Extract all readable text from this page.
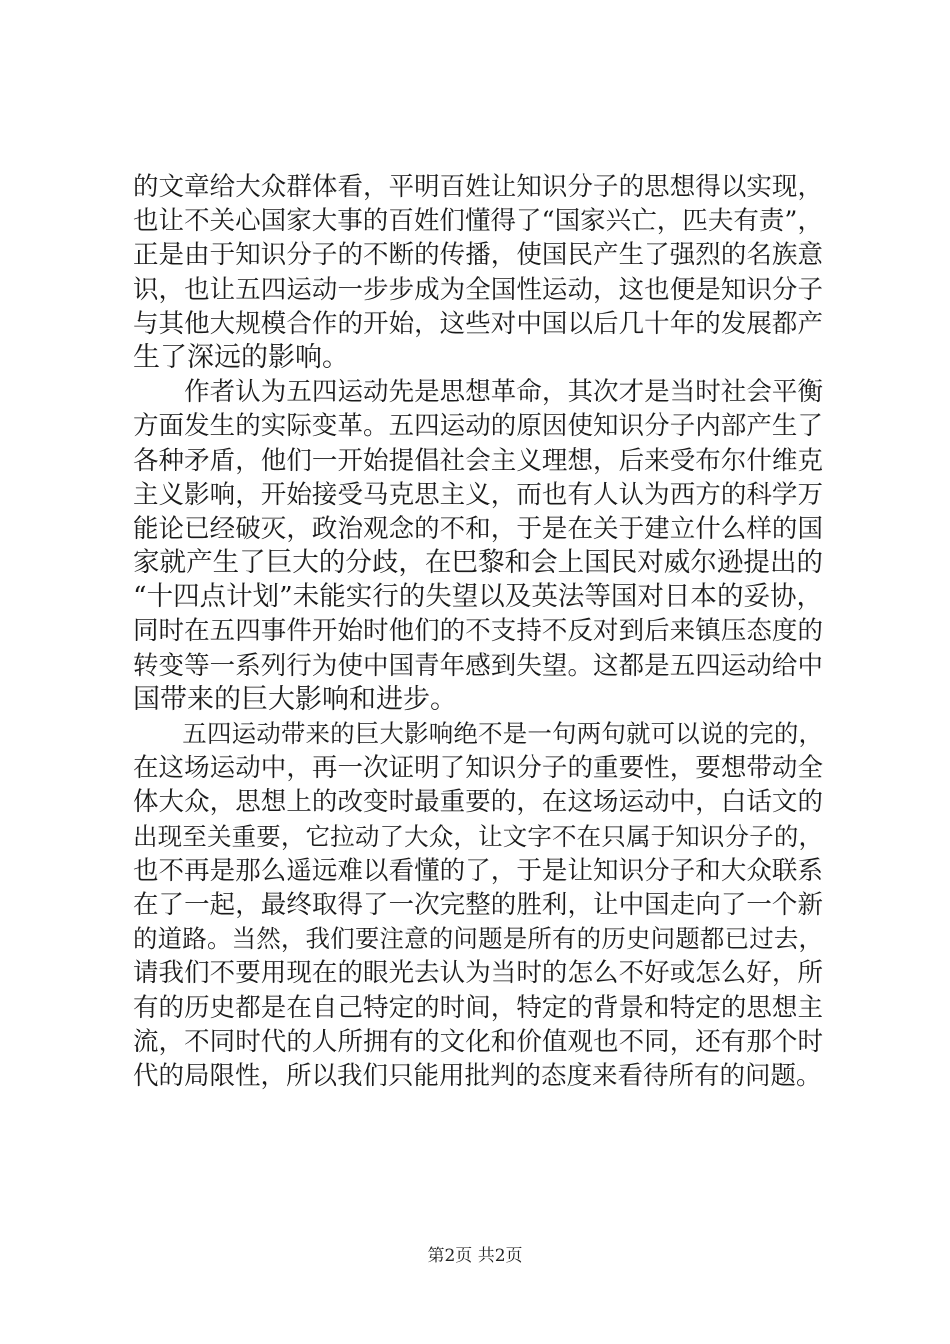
的文章给大众群体看，平明百姓让知识分子的思想得以实现，
也让不关心国家大事的百姓们懂得了“国家兴亡，匹夫有责”，
正是由于知识分子的不断的传播，使国民产生了强烈的名族意
识，也让五四运动一步步成为全国性运动，这也便是知识分子
与其他大规模合作的开始，这些对中国以后几十年的发展都产
生了深远的影响。
　　作者认为五四运动先是思想革命，其次才是当时社会平衡
方面发生的实际变革。五四运动的原因使知识分子内部产生了
各种矛盾，他们一开始提倡社会主义理想，后来受布尔什维克
主义影响，开始接受马克思主义，而也有人认为西方的科学万
能论已经破灭，政治观念的不和，于是在关于建立什么样的国
家就产生了巨大的分歧，在巴黎和会上国民对威尔逊提出的
“十四点计划”未能实行的失望以及英法等国对日本的妥协，
同时在五四事件开始时他们的不支持不反对到后来镇压态度的
转变等一系列行为使中国青年感到失望。这都是五四运动给中
国带来的巨大影响和进步。
　　五四运动带来的巨大影响绝不是一句两句就可以说的完的，
在这场运动中，再一次证明了知识分子的重要性，要想带动全
体大众，思想上的改变时最重要的，在这场运动中，白话文的
出现至关重要，它拉动了大众，让文字不在只属于知识分子的，
也不再是那么遥远难以看懂的了，于是让知识分子和大众联系
在了一起，最终取得了一次完整的胜利，让中国走向了一个新
的道路。当然，我们要注意的问题是所有的历史问题都已过去，
请我们不要用现在的眼光去认为当时的怎么不好或怎么好，所
有的历史都是在自己特定的时间，特定的背景和特定的思想主
流，不同时代的人所拥有的文化和价值观也不同，还有那个时
代的局限性，所以我们只能用批判的态度来看待所有的问题。
第2页 共2页
